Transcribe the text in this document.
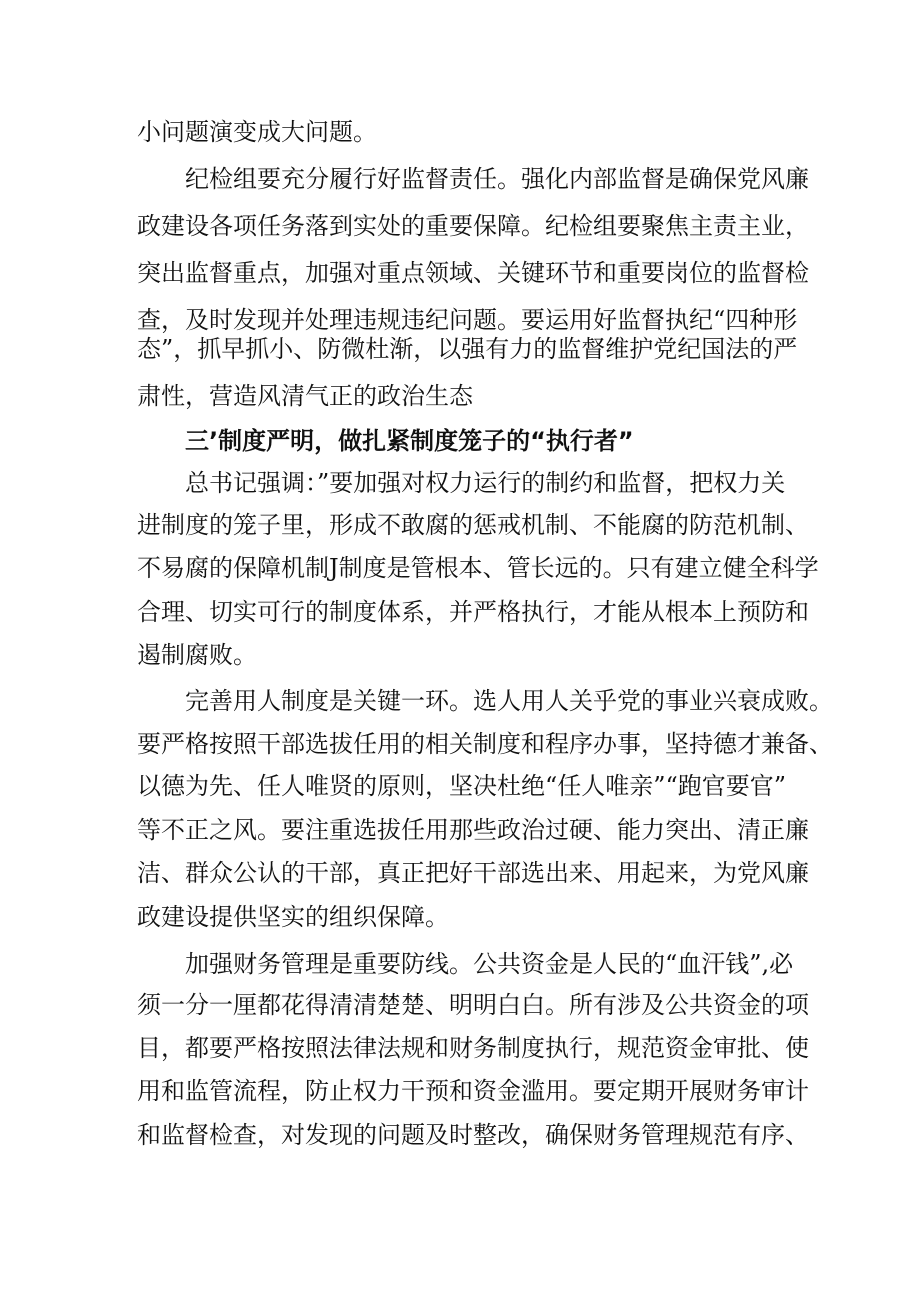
小问题演变成大问题。
纪检组要充分履行好监督责任。强化内部监督是确保党风廉
政建设各项任务落到实处的重要保障。纪检组要聚焦主责主业，
突出监督重点，加强对重点领域、关键环节和重要岗位的监督检
查，及时发现并处理违规违纪问题。要运用好监督执纪“四种形
态”，抓早抓小、防微杜渐，以强有力的监督维护党纪国法的严
肃性，营造风清气正的政治生态
三’制度严明，做扎紧制度笼子的“执行者”
总书记强调：”要加强对权力运行的制约和监督，把权力关
进制度的笼子里，形成不敢腐的惩戒机制、不能腐的防范机制、
不易腐的保障机制J制度是管根本、管长远的。只有建立健全科学
合理、切实可行的制度体系，并严格执行，才能从根本上预防和
遏制腐败。
完善用人制度是关键一环。选人用人关乎党的事业兴衰成败。
要严格按照干部选拔任用的相关制度和程序办事，坚持德才兼备、
以德为先、任人唯贤的原则，坚决杜绝“任人唯亲”“跑官要官”
等不正之风。要注重选拔任用那些政治过硬、能力突出、清正廉
洁、群众公认的干部，真正把好干部选出来、用起来，为党风廉
政建设提供坚实的组织保障。
加强财务管理是重要防线。公共资金是人民的“血汗钱”,必
须一分一厘都花得清清楚楚、明明白白。所有涉及公共资金的项
目，都要严格按照法律法规和财务制度执行，规范资金审批、使
用和监管流程，防止权力干预和资金滥用。要定期开展财务审计
和监督检查，对发现的问题及时整改，确保财务管理规范有序、
